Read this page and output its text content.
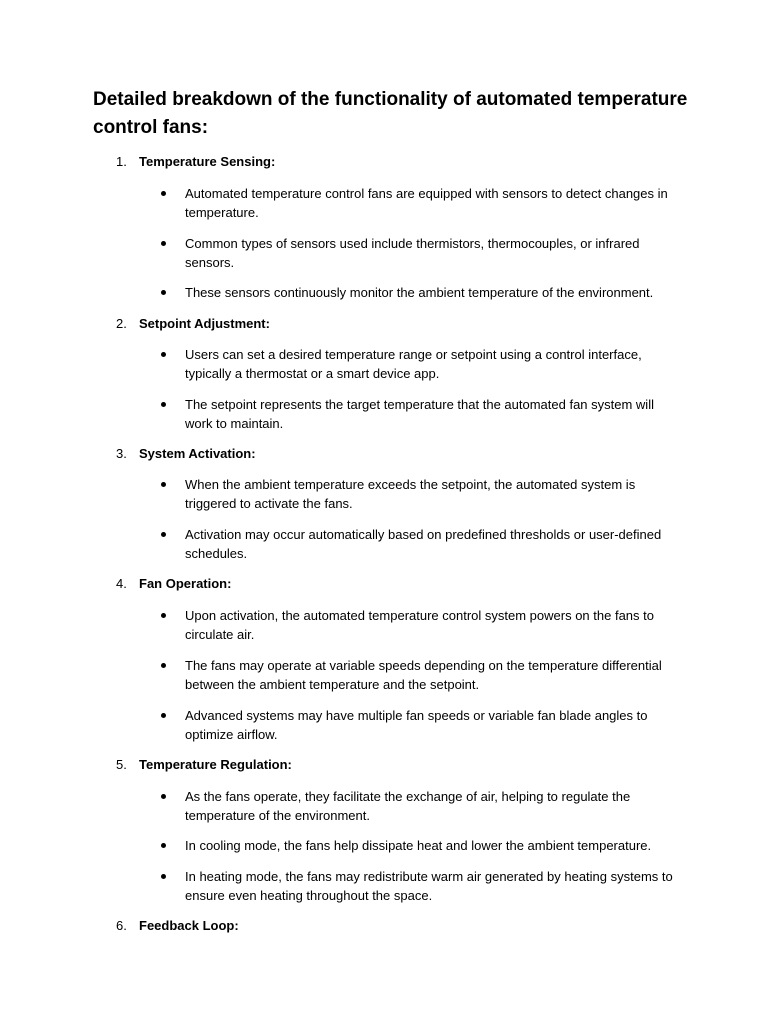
Detailed breakdown of the functionality of automated temperature control fans:
1. Temperature Sensing:
Automated temperature control fans are equipped with sensors to detect changes in temperature.
Common types of sensors used include thermistors, thermocouples, or infrared sensors.
These sensors continuously monitor the ambient temperature of the environment.
2. Setpoint Adjustment:
Users can set a desired temperature range or setpoint using a control interface, typically a thermostat or a smart device app.
The setpoint represents the target temperature that the automated fan system will work to maintain.
3. System Activation:
When the ambient temperature exceeds the setpoint, the automated system is triggered to activate the fans.
Activation may occur automatically based on predefined thresholds or user-defined schedules.
4. Fan Operation:
Upon activation, the automated temperature control system powers on the fans to circulate air.
The fans may operate at variable speeds depending on the temperature differential between the ambient temperature and the setpoint.
Advanced systems may have multiple fan speeds or variable fan blade angles to optimize airflow.
5. Temperature Regulation:
As the fans operate, they facilitate the exchange of air, helping to regulate the temperature of the environment.
In cooling mode, the fans help dissipate heat and lower the ambient temperature.
In heating mode, the fans may redistribute warm air generated by heating systems to ensure even heating throughout the space.
6. Feedback Loop:
